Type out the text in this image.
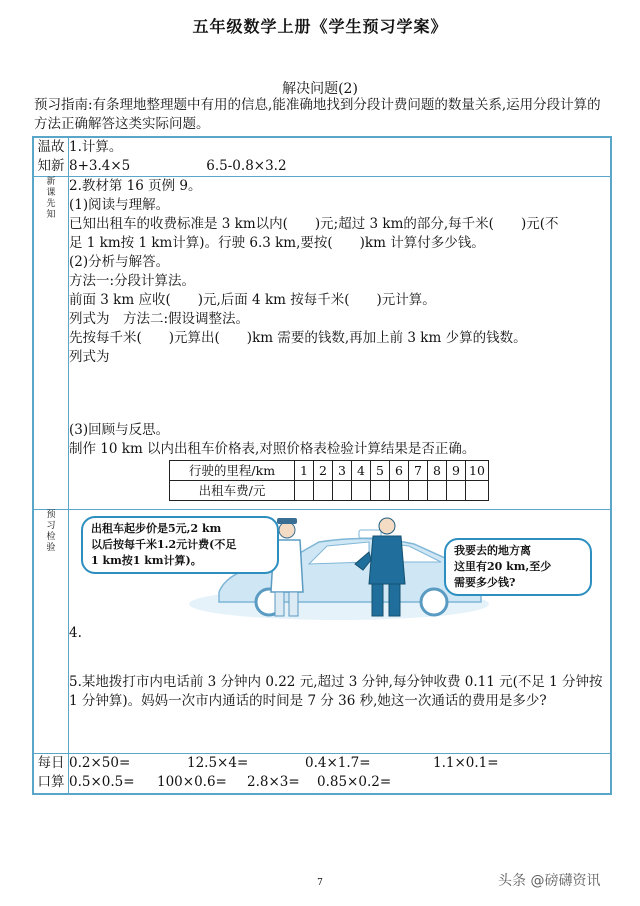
五年级数学上册《学生预习学案》
解决问题(2)
预习指南:有条理地整理题中有用的信息,能准确地找到分段计费问题的数量关系,运用分段计算的方法正确解答这类实际问题。
温故
知新

1.计算。
8+3.4×5	6.5-0.8×3.2

新
课
先
知

2.教材第 16 页例 9。
(1)阅读与理解。
已知出租车的收费标准是 3 km以内(　　)元;超过 3 km的部分,每千米(　　)元(不
足 1 km按 1 km计算)。行驶 6.3 km,要按(　　)km 计算付多少钱。
(2)分析与解答。
方法一:分段计算法。
前面 3 km 应收(　　)元,后面 4 km 按每千米(　　)元计算。
列式为　方法二:假设调整法。
先按每千米(　　)元算出(　　)km 需要的钱数,再加上前 3 km 少算的钱数。
列式为
(3)回顾与反思。
制作 10 km 以内出租车价格表,对照价格表检验计算结果是否正确。
行驶的里程/km	1	2	3	4	5	6	7	8	9	10
出租车费/元										

预
习
检
验

出租车起步价是5元,2 km
以后按每千米1.2元计费(不足
1 km按1 km计算)。
我要去的地方离
这里有20 km,至少
需要多少钱?
4.
5.某地拨打市内电话前 3 分钟内 0.22 元,超过 3 分钟,每分钟收费 0.11 元(不足 1 分钟按 1 分钟算)。妈妈一次市内通话的时间是 7 分 36 秒,她这一次通话的费用是多少?

每日
口算

0.2×50=	12.5×4=	0.4×1.7=	1.1×0.1=
0.5×0.5= 100×0.6= 2.8×3= 0.85×0.2=
7	头条 @磅礴资讯
